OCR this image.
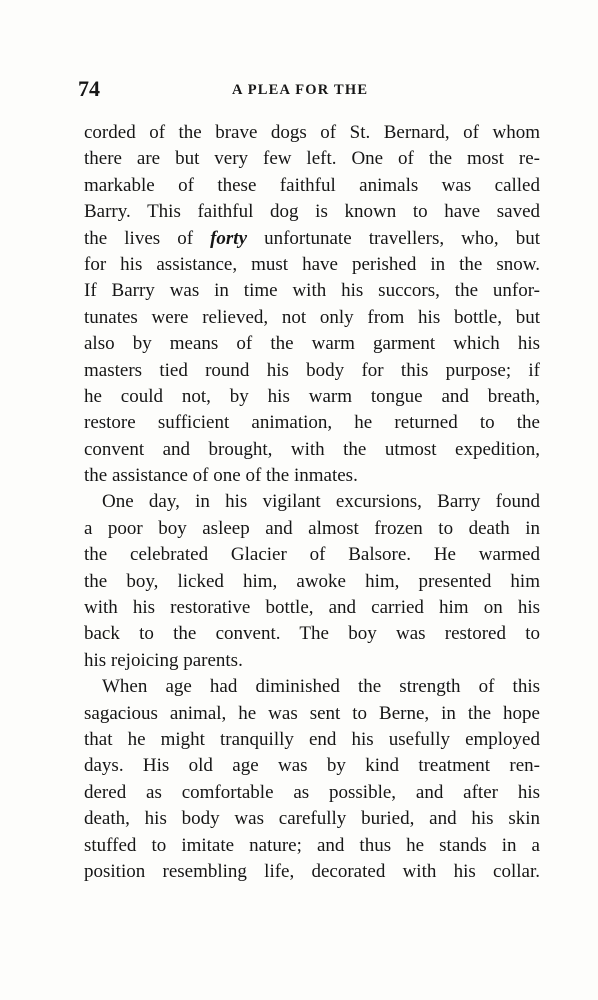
74	A PLEA FOR THE
corded of the brave dogs of St. Bernard, of whom
there are but very few left. One of the most re-
markable of these faithful animals was called
Barry. This faithful dog is known to have saved
the lives of forty unfortunate travellers, who, but
for his assistance, must have perished in the snow.
If Barry was in time with his succors, the unfor-
tunates were relieved, not only from his bottle, but
also by means of the warm garment which his
masters tied round his body for this purpose; if
he could not, by his warm tongue and breath,
restore sufficient animation, he returned to the
convent and brought, with the utmost expedition,
the assistance of one of the inmates.
One day, in his vigilant excursions, Barry found
a poor boy asleep and almost frozen to death in
the celebrated Glacier of Balsore. He warmed
the boy, licked him, awoke him, presented him
with his restorative bottle, and carried him on his
back to the convent. The boy was restored to
his rejoicing parents.
When age had diminished the strength of this
sagacious animal, he was sent to Berne, in the hope
that he might tranquilly end his usefully employed
days. His old age was by kind treatment ren-
dered as comfortable as possible, and after his
death, his body was carefully buried, and his skin
stuffed to imitate nature; and thus he stands in a
position resembling life, decorated with his collar.
